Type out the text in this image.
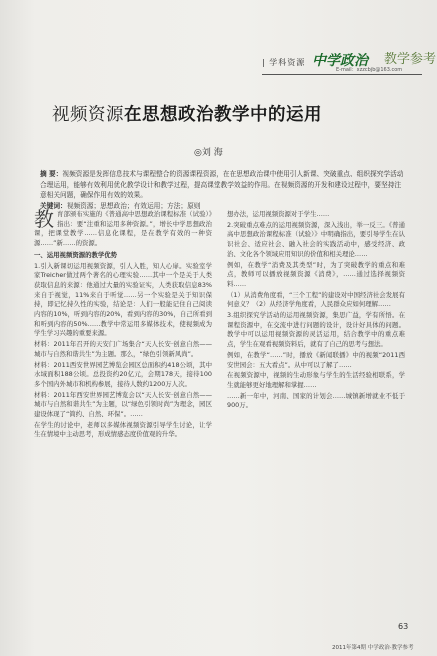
| 学科资源 中学政治 教学参考
E-mail：xzzcbjb@163.com
视频资源在思想政治教学中的运用
◎刘 海
摘 要：视频资源是发挥信息技术与课程整合的资源课程资源，在在思想政治课中使用引人新课、突破重点、组织探究学活动合理运用，能够有效利用优化教学设计和教学过程，提高课堂教学效益的作用。在视频资源的开发和建设过程中，要坚持注意相关问题，确保作用有效的效果。
关键词：视频资源；思想政治；有效运用；方法；原则

教育部颁布实施的《普通高中思想政治课程标准（试验）》指出：要“注重和运用多种资源。”，增长中学思想政治课，把课堂教学……信息化课程，是在教学有效的一种资源……”新……的资源。

一、运用视频资源的教学优势

1.引入新课切运用视频资源，引人入胜，知人心扉。实验室学家Treicher做过两个著名的心理实验……其中一个是关于人类获取信息的来源：他通过大量的实验证实，人类获取信息83%来自于视觉，11%来自于听觉……另一个实验是关于知识保持，即记忆持久性的实验，结论是：人们一般能记住自己阅读内容的10%，听到内容的20%，看到内容的30%，自己所看到和听到内容的50%……教学中常运用多媒体技术，使视频成为学生学习兴趣的重要来源。

材料：2011年召开的天安门广场集合“天人长安·创意自然——城市与自然和谐共生”为主题。那么，“绿色引领新风尚”。

材料：2011西安世界园艺博览会园区总面积约418公顷，其中水域面积188公顷。总投资约20亿元，会期178天，接待100多个国内外城市和机构参展，接待人数约1200万人次。

材料：2011年西安世界园艺博览会以“天人长安·创意自然——城市与自然和谐共生”为主题，以“绿色引领时尚”为理念，园区建设体现了“简约、自然、环保”。……

在学生的讨论中，老师以多媒体视频资源引导学生讨论，让学生在情境中主动思考，形成情感态度价值观的升华。

想办法，运用视频资源对于学生……

2.突破重点难点的运用视频资源，深入浅出，举一反三。《普通高中思想政治课程标准（试验）》中明确指出，要引导学生在认识社会、适应社会、融入社会的实践活动中，感受经济、政治、文化各个领域应用知识的价值和相关理论……

例如，在教学“消费及其类型”时，为了突破教学的重点和难点，教师可以播放视频资源《消费》，……通过选择视频资料……

（1）从消费角度看，“三个工程”的建设对中国经济社会发展有何意义？（2）从经济学角度看，人民群众应如何理解……

3.组织探究学活动的运用视频资源，集思广益，学有所悟。在课程资源中，在交流中进行问题的设计，设计好具体的问题。教学中可以运用视频资源的灵活运用，结合教学中的重点难点，学生在观看视频资料后，就有了自己的思考与想法。

例如，在教学“……”时，播放《新闻联播》中的视频“2011西安世园会：五大看点”。从中可以了解了……

在视频资源中，视频的生动形象与学生的生活经验相联系，学生就能够更好地理解和掌握……

……新一年中，河南、国家的计划会……城镇新增就业不低于900万。

63
2011年第4期 中学政治·教学参考
